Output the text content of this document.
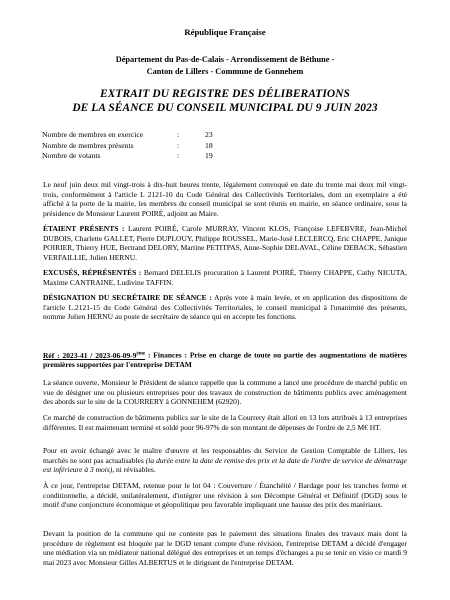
République Française
Département du Pas-de-Calais - Arrondissement de Béthune -
Canton de Lillers - Commune de Gonnehem
EXTRAIT DU REGISTRE DES DÉLIBERATIONS
DE LA SÉANCE DU CONSEIL MUNICIPAL DU 9 JUIN 2023
Nombre de membres en exercice	:	23
Nombre de membres présents	:	18
Nombre de votants	:	19
Le neuf juin deux mil vingt-trois à dix-huit heures trente, légalement convoqué en date du trente mai deux mil vingt-trois, conformément à l'article L 2121-10 du Code Général des Collectivités Territoriales, dont un exemplaire a été affiché à la porte de la mairie, les membres du conseil municipal se sont réunis en mairie, en séance ordinaire, sous la présidence de Monsieur Laurent POIRÉ, adjoint au Maire.
ÉTAIENT PRÉSENTS : Laurent POIRÉ, Carole MURRAY, Vincent KLOS, Françoise LEFEBVRE, Jean-Michel DUBOIS, Charlette GALLET, Pierre DUPLOUY, Philippe ROUSSEL, Marie-José LECLERCQ, Eric CHAPPE, Janique POIRIER, Thierry HUE, Bertrand DELORY, Martine PETITPAS, Anne-Sophie DELAVAL, Céline DEBACK, Sébastien VERFAILLIE, Julien HERNU.
EXCUSÉS, RÉPRÉSENTÉS : Bernard DELELIS procuration à Laurent POIRÉ, Thierry CHAPPE, Cathy NICUTA, Maxime CANTRAINE, Ludivine TAFFIN.
DÉSIGNATION DU SECRÉTAIRE DE SÉANCE : Après vote à main levée, et en application des dispositions de l'article L.2121-15 du Code Général des Collectivités Territoriales, le conseil municipal à l'unanimité des présents, nomme Julien HERNU au poste de secrétaire de séance qui en accepte les fonctions.
Réf : 2023-41 / 2023-06-09-9ème : Finances : Prise en charge de toute ou partie des augmentations de matières premières supportées par l'entreprise DETAM
La séance ouverte, Monsieur le Président de séance rappelle que la commune a lancé une procédure de marché public en vue de désigner une ou plusieurs entreprises pour des travaux de construction de bâtiments publics avec aménagement des abords sur le site de la COURRERY à GONNEHEM (62920).
Ce marché de construction de bâtiments publics sur le site de la Courrery était alloti en 13 lots attribués à 13 entreprises différentes. Il est maintenant terminé et soldé pour 96-97% de son montant de dépenses de l'ordre de 2,5 M€ HT.
Pour en avoir échangé avec le maître d'œuvre et les responsables du Service de Gestion Comptable de Lillers, les marchés ne sont pas actualisables (la durée entre la date de remise des prix et la date de l'ordre de service de démarrage est inférieure à 3 mois), ni révisables.
À ce jour, l'entreprise DETAM, retenue pour le lot 04 : Couverture / Étanchéité / Bardage pour les tranches ferme et conditionnelle, a décidé, unilatéralement, d'intégrer une révision à son Décompte Général et Définitif (DGD) sous le motif d'une conjoncture économique et géopolitique peu favorable impliquant une hausse des prix des matériaux.
Devant la position de la commune qui ne conteste pas le paiement des situations finales des travaux mais dont la procédure de règlement est bloquée par le DGD tenant compte d'une révision, l'entreprise DETAM a décidé d'engager une médiation via un médiateur national délégué des entreprises et un temps d'échanges a pu se tenir en visio ce mardi 9 mai 2023 avec Monsieur Gilles ALBERTUS et le dirigeant de l'entreprise DETAM.
